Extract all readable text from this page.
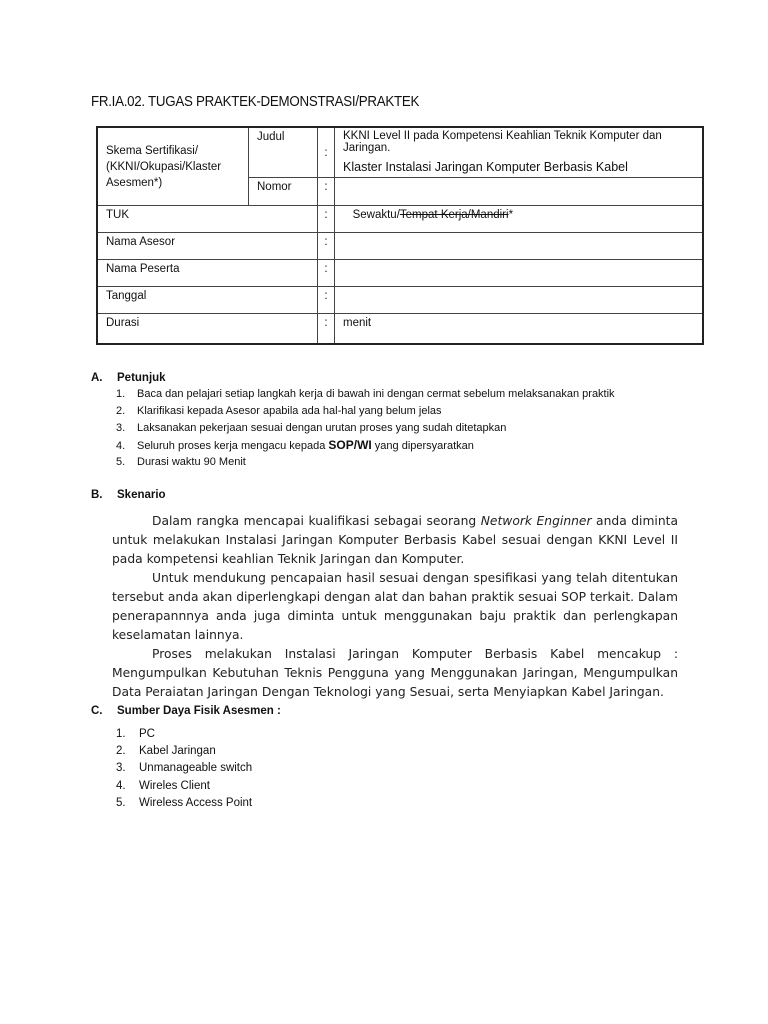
FR.IA.02. TUGAS PRAKTEK-DEMONSTRASI/PRAKTEK
Skema Sertifikasi/ (KKNI/Okupasi/Klaster Asesmen*)	Judul	:	KKNI Level II pada Kompetensi Keahlian Teknik Komputer dan Jaringan.
Klaster Instalasi Jaringan Komputer Berbasis Kabel

	Nomor	:	
TUK		:	Sewaktu/Tempat Kerja/Mandiri*
Nama Asesor		:	
Nama Peserta		:	
Tanggal		:	
Durasi		:	menit
A. Petunjuk
1. Baca dan pelajari setiap langkah kerja di bawah ini dengan cermat sebelum melaksanakan praktik
2. Klarifikasi kepada Asesor apabila ada hal-hal yang belum jelas
3. Laksanakan pekerjaan sesuai dengan urutan proses yang sudah ditetapkan
4. Seluruh proses kerja mengacu kepada SOP/WI yang dipersyaratkan
5. Durasi waktu 90 Menit
B. Skenario

Dalam rangka mencapai kualifikasi sebagai seorang Network Enginner anda diminta untuk melakukan Instalasi Jaringan Komputer Berbasis Kabel sesuai dengan KKNI Level II pada kompetensi keahlian Teknik Jaringan dan Komputer.

Untuk mendukung pencapaian hasil sesuai dengan spesifikasi yang telah ditentukan tersebut anda akan diperlengkapi dengan alat dan bahan praktik sesuai SOP terkait. Dalam penerapannnya anda juga diminta untuk menggunakan baju praktik dan perlengkapan keselamatan lainnya.

Proses melakukan Instalasi Jaringan Komputer Berbasis Kabel mencakup : Mengumpulkan Kebutuhan Teknis Pengguna yang Menggunakan Jaringan, Mengumpulkan Data Peraiatan Jaringan Dengan Teknologi yang Sesuai, serta Menyiapkan Kabel Jaringan.

C. Sumber Daya Fisik Asesmen :
1. PC
2. Kabel Jaringan
3. Unmanageable switch
4. Wireles Client
5. Wireless Access Point
